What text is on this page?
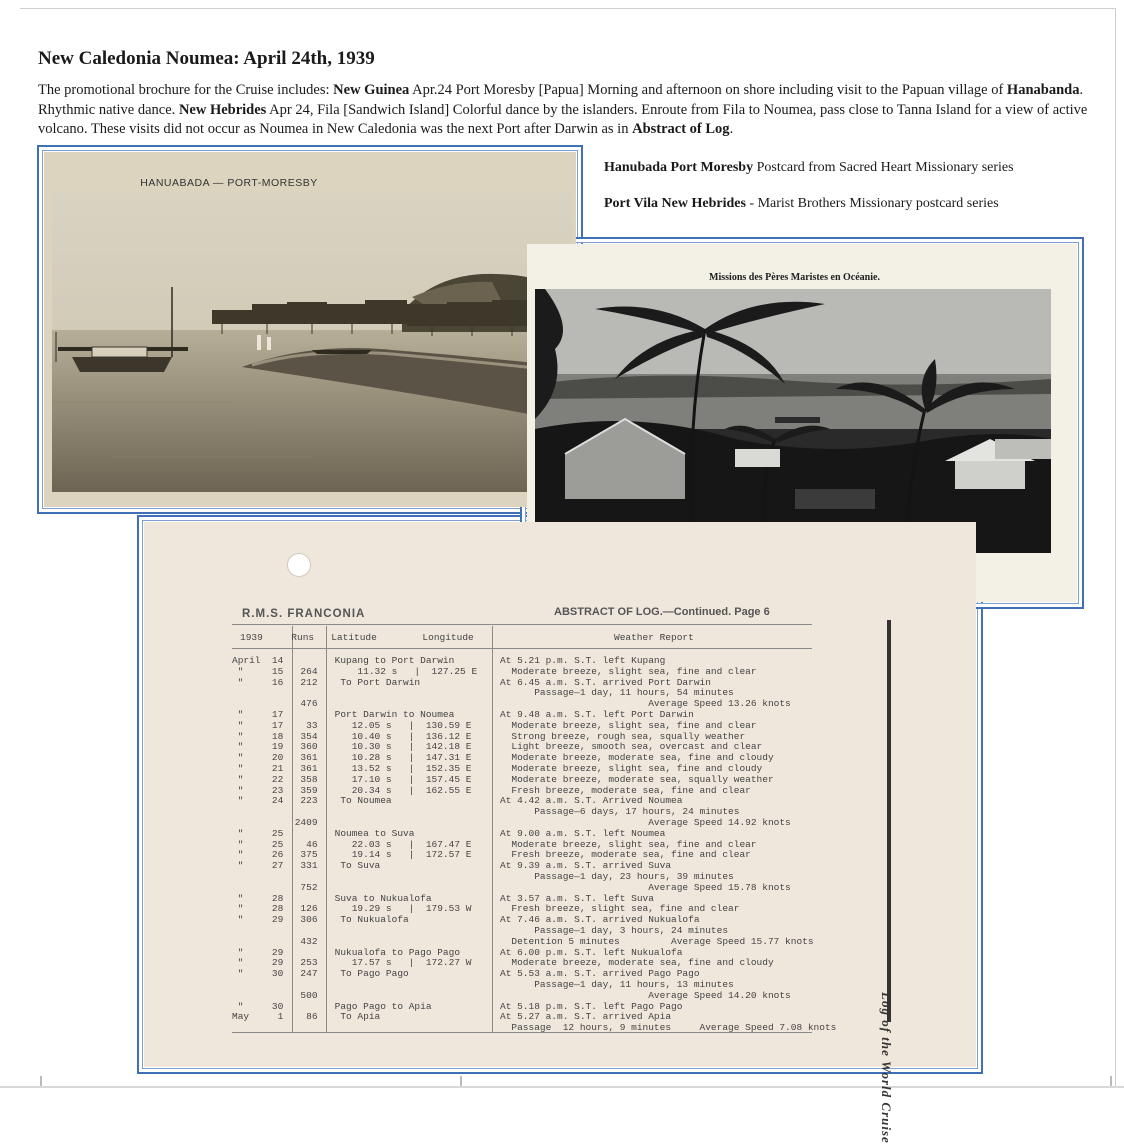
New Caledonia Noumea: April 24th, 1939
The promotional brochure for the Cruise includes: New Guinea Apr.24 Port Moresby [Papua] Morning and afternoon on shore including visit to the Papuan village of Hanabanda. Rhythmic native dance. New Hebrides Apr 24, Fila [Sandwich Island] Colorful dance by the islanders. Enroute from Fila to Noumea, pass close to Tanna Island for a view of active volcano. These visits did not occur as Noumea in New Caledonia was the next Port after Darwin as in Abstract of Log.
Hanubada Port Moresby Postcard from Sacred Heart Missionary series
Port Vila New Hebrides - Marist Brothers Missionary postcard series
HANUABADA — PORT-MORESBY
Missions des Pères Maristes en Océanie.
R.M.S. FRANCONIA	ABSTRACT OF LOG.—Continued. Page 6
Log of the World Cruise
1939     Runs   Latitude        Longitude	Weather Report
April  14         Kupang to Port Darwin	At 5.21 p.m. S.T. left Kupang
"     15   264       11.32 s   |  127.25 E Moderate breeze, slight sea, fine and clear
"     16   212    To Port Darwin	At 6.45 a.m. S.T. arrived Port Darwin
Passage—1 day, 11 hours, 54 minutes
476	Average Speed 13.26 knots
"     17         Port Darwin to Noumea	At 9.48 a.m. S.T. left Port Darwin
"     17    33      12.05 s   |  130.59 E	Moderate breeze, slight sea, fine and clear
"     18   354      10.40 s   |  136.12 E	Strong breeze, rough sea, squally weather
"     19   360      10.30 s   |  142.18 E	Light breeze, smooth sea, overcast and clear
"     20   361      10.28 s   |  147.31 E	Moderate breeze, moderate sea, fine and cloudy
"     21   361      13.52 s   |  152.35 E	Moderate breeze, slight sea, fine and cloudy
"     22   358      17.10 s   |  157.45 E	Moderate breeze, moderate sea, squally weather
"     23   359      20.34 s   |  162.55 E	Fresh breeze, moderate sea, fine and clear
"     24   223    To Noumea	At 4.42 a.m. S.T. Arrived Noumea
Passage—6 days, 17 hours, 24 minutes
2409	Average Speed 14.92 knots
"     25         Noumea to Suva	At 9.00 a.m. S.T. left Noumea
"     25    46      22.03 s   |  167.47 E	Moderate breeze, slight sea, fine and clear
"     26   375      19.14 s   |  172.57 E	Fresh breeze, moderate sea, fine and clear
"     27   331    To Suva	At 9.39 a.m. S.T. arrived Suva
Passage—1 day, 23 hours, 39 minutes
752	Average Speed 15.78 knots
"     28         Suva to Nukualofa	At 3.57 a.m. S.T. left Suva
"     28   126      19.29 s   |  179.53 W	Fresh breeze, slight sea, fine and clear
"     29   306    To Nukualofa	At 7.46 a.m. S.T. arrived Nukualofa
Passage—1 day, 3 hours, 24 minutes
432	Detention 5 minutes         Average Speed 15.77 knots
"     29         Nukualofa to Pago Pago	At 6.00 p.m. S.T. left Nukualofa
"     29   253      17.57 s   |  172.27 W	Moderate breeze, moderate sea, fine and cloudy
"     30   247    To Pago Pago	At 5.53 a.m. S.T. arrived Pago Pago
Passage—1 day, 11 hours, 13 minutes
500	Average Speed 14.20 knots
"     30         Pago Pago to Apia	At 5.18 p.m. S.T. left Pago Pago
May     1    86    To Apia	At 5.27 a.m. S.T. arrived Apia
Passage  12 hours, 9 minutes     Average Speed 7.08 knots
